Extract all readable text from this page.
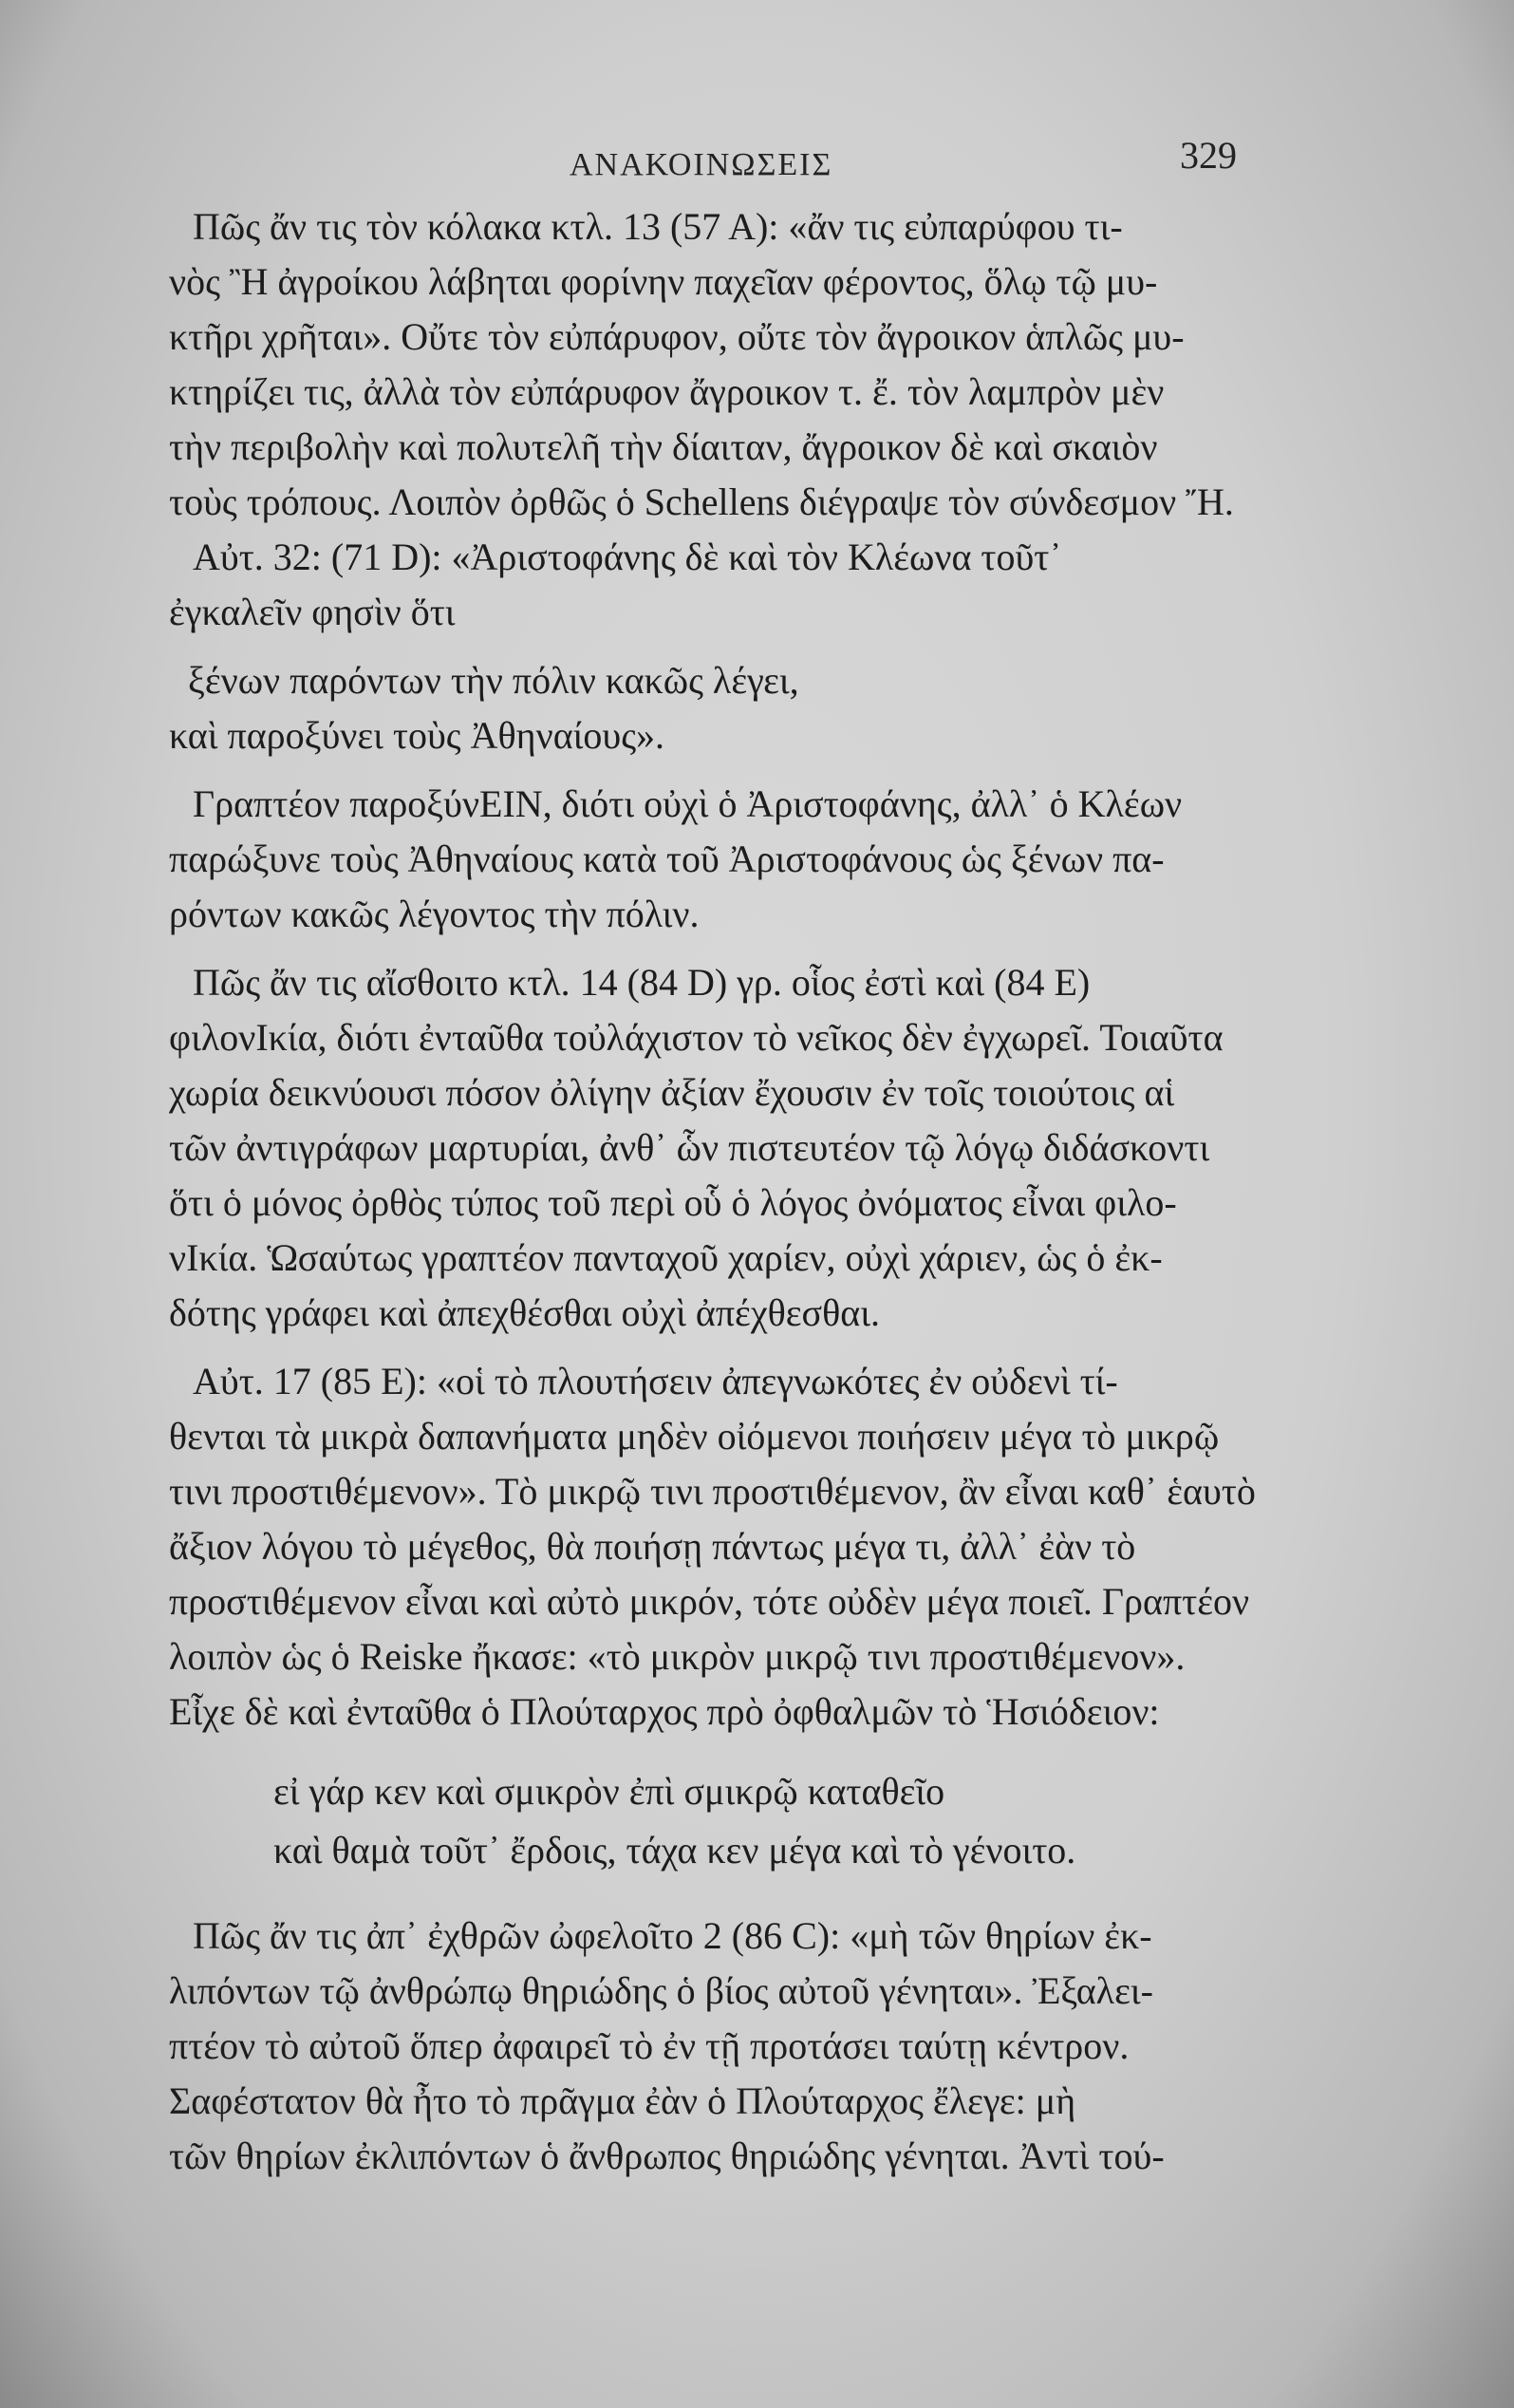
ΑΝΑΚΟΙΝΩΣΕΙΣ	329
Πῶς ἄν τις τὸν κόλακα κτλ. 13 (57 Α): «ἄν τις εὐπαρύφου τι-
νὸς Ἢ ἀγροίκου λάβηται φορίνην παχεῖαν φέροντος, ὅλῳ τῷ μυ-
κτῆρι χρῆται». Οὔτε τὸν εὐπάρυφον, οὔτε τὸν ἄγροικον ἁπλῶς μυ-
κτηρίζει τις, ἀλλὰ τὸν εὐπάρυφον ἄγροικον τ. ἔ. τὸν λαμπρὸν μὲν
τὴν περιβολὴν καὶ πολυτελῆ τὴν δίαιταν, ἄγροικον δὲ καὶ σκαιὸν
τοὺς τρόπους. Λοιπὸν ὀρθῶς ὁ Schellens διέγραψε τὸν σύνδεσμον Ἤ.
Αὐτ. 32: (71 D): «Ἀριστοφάνης δὲ καὶ τὸν Κλέωνα τοῦτ᾽
ἐγκαλεῖν φησὶν ὅτι
ξένων παρόντων τὴν πόλιν κακῶς λέγει,
καὶ παροξύνει τοὺς Ἀθηναίους».
Γραπτέον παροξύνΕΙΝ, διότι οὐχὶ ὁ Ἀριστοφάνης, ἀλλ᾽ ὁ Κλέων
παρώξυνε τοὺς Ἀθηναίους κατὰ τοῦ Ἀριστοφάνους ὡς ξένων πα-
ρόντων κακῶς λέγοντος τὴν πόλιν.
Πῶς ἄν τις αἴσθοιτο κτλ. 14 (84 D) γρ. οἷος ἐστὶ καὶ (84 Ε)
φιλονΙκία, διότι ἐνταῦθα τοὐλάχιστον τὸ νεῖκος δὲν ἐγχωρεῖ. Τοιαῦτα
χωρία δεικνύουσι πόσον ὀλίγην ἀξίαν ἔχουσιν ἐν τοῖς τοιούτοις αἱ
τῶν ἀντιγράφων μαρτυρίαι, ἀνθ᾽ ὧν πιστευτέον τῷ λόγῳ διδάσκοντι
ὅτι ὁ μόνος ὀρθὸς τύπος τοῦ περὶ οὗ ὁ λόγος ὀνόματος εἶναι φιλο-
νΙκία. Ὡσαύτως γραπτέον πανταχοῦ χαρίεν, οὐχὶ χάριεν, ὡς ὁ ἐκ-
δότης γράφει καὶ ἀπεχθέσθαι οὐχὶ ἀπέχθεσθαι.
Αὐτ. 17 (85 Ε): «οἱ τὸ πλουτήσειν ἀπεγνωκότες ἐν οὐδενὶ τί-
θενται τὰ μικρὰ δαπανήματα μηδὲν οἰόμενοι ποιήσειν μέγα τὸ μικρῷ
τινι προστιθέμενον». Τὸ μικρῷ τινι προστιθέμενον, ἂν εἶναι καθ᾽ ἑαυτὸ
ἄξιον λόγου τὸ μέγεθος, θὰ ποιήσῃ πάντως μέγα τι, ἀλλ᾽ ἐὰν τὸ
προστιθέμενον εἶναι καὶ αὐτὸ μικρόν, τότε οὐδὲν μέγα ποιεῖ. Γραπτέον
λοιπὸν ὡς ὁ Reiske ἤκασε: «τὸ μικρὸν μικρῷ τινι προστιθέμενον».
Εἶχε δὲ καὶ ἐνταῦθα ὁ Πλούταρχος πρὸ ὀφθαλμῶν τὸ Ἡσιόδειον:
εἰ γάρ κεν καὶ σμικρὸν ἐπὶ σμικρῷ καταθεῖο
καὶ θαμὰ τοῦτ᾽ ἔρδοις, τάχα κεν μέγα καὶ τὸ γένοιτο.
Πῶς ἄν τις ἀπ᾽ ἐχθρῶν ὠφελοῖτο 2 (86 C): «μὴ τῶν θηρίων ἐκ-
λιπόντων τῷ ἀνθρώπῳ θηριώδης ὁ βίος αὐτοῦ γένηται». Ἐξαλει-
πτέον τὸ αὐτοῦ ὅπερ ἀφαιρεῖ τὸ ἐν τῇ προτάσει ταύτῃ κέντρον.
Σαφέστατον θὰ ἦτο τὸ πρᾶγμα ἐὰν ὁ Πλούταρχος ἔλεγε: μὴ
τῶν θηρίων ἐκλιπόντων ὁ ἄνθρωπος θηριώδης γένηται. Ἀντὶ τού-
